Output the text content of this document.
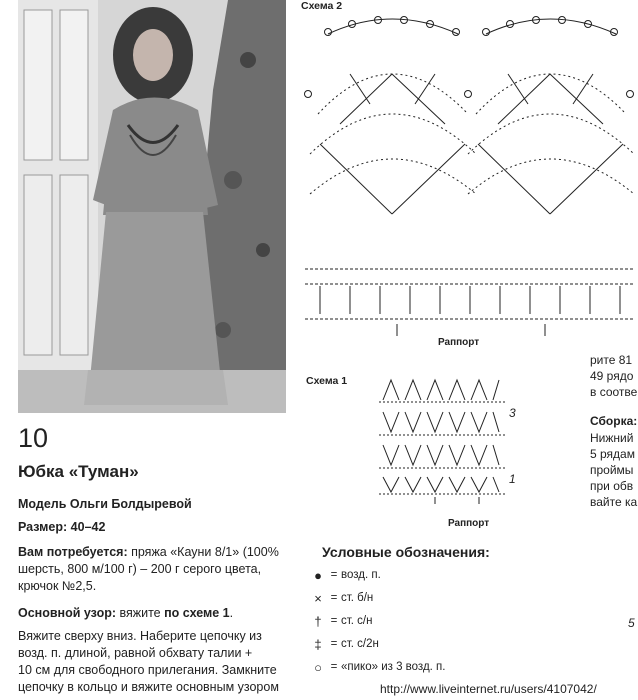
Схема 2
Раппорт
Схема 1
3
1
Раппорт
10
Юбка «Туман»
Модель Ольги Болдыревой
Размер: 40–42
Вам потребуется: пряжа «Кауни 8/1» (100%
шерсть, 800 м/100 г) – 200 г серого цвета,
крючок №2,5.
Основной узор: вяжите по схеме 1.
Вяжите сверху вниз. Наберите цепочку из
возд. п. длиной, равной обхвату талии +
10 см для свободного прилегания. Замкните
цепочку в кольцо и вяжите основным узором
Условные обозначения:
● = возд. п.
× = ст. б/н
† = ст. с/н
‡ = ст. с/2н
○ = «пико» из 3 возд. п.
рите 81
49 рядо
в соотве
Сборка:
Нижний
5 рядам
проймы
при обв
вайте ка
5
http://www.liveinternet.ru/users/4107042/
